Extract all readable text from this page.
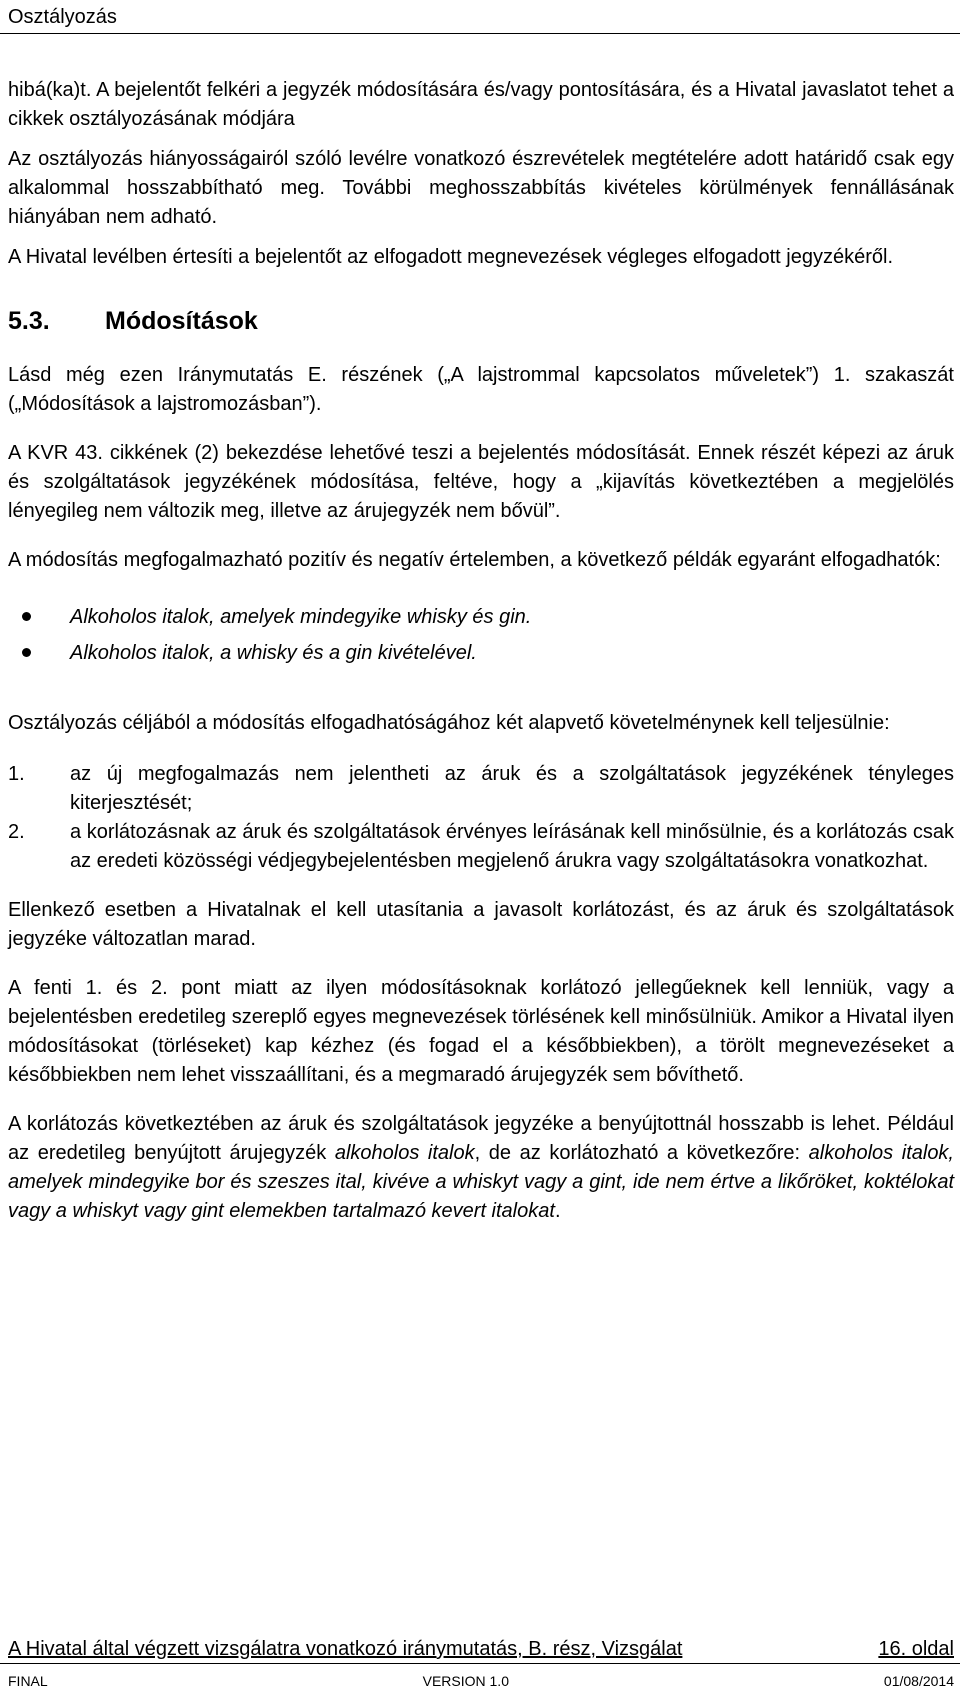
Osztályozás

hibá(ka)t. A bejelentőt felkéri a jegyzék módosítására és/vagy pontosítására, és a Hivatal javaslatot tehet a cikkek osztályozásának módjára

Az osztályozás hiányosságairól szóló levélre vonatkozó észrevételek megtételére adott határidő csak egy alkalommal hosszabbítható meg. További meghosszabbítás kivételes körülmények fennállásának hiányában nem adható.

A Hivatal levélben értesíti a bejelentőt az elfogadott megnevezések végleges elfogadott jegyzékéről.

5.3.	Módosítások

Lásd még ezen Iránymutatás E. részének („A lajstrommal kapcsolatos műveletek”) 1. szakaszát („Módosítások a lajstromozásban”).

A KVR 43. cikkének (2) bekezdése lehetővé teszi a bejelentés módosítását. Ennek részét képezi az áruk és szolgáltatások jegyzékének módosítása, feltéve, hogy a „kijavítás következtében a megjelölés lényegileg nem változik meg, illetve az árujegyzék nem bővül”.

A módosítás megfogalmazható pozitív és negatív értelemben, a következő példák egyaránt elfogadhatók:

Alkoholos italok, amelyek mindegyike whisky és gin.
Alkoholos italok, a whisky és a gin kivételével.

Osztályozás céljából a módosítás elfogadhatóságához két alapvető követelménynek kell teljesülnie:

1.	az új megfogalmazás nem jelentheti az áruk és a szolgáltatások jegyzékének tényleges kiterjesztését;
2.	a korlátozásnak az áruk és szolgáltatások érvényes leírásának kell minősülnie, és a korlátozás csak az eredeti közösségi védjegybejelentésben megjelenő árukra vagy szolgáltatásokra vonatkozhat.

Ellenkező esetben a Hivatalnak el kell utasítania a javasolt korlátozást, és az áruk és szolgáltatások jegyzéke változatlan marad.

A fenti 1. és 2. pont miatt az ilyen módosításoknak korlátozó jellegűeknek kell lenniük, vagy a bejelentésben eredetileg szereplő egyes megnevezések törlésének kell minősülniük. Amikor a Hivatal ilyen módosításokat (törléseket) kap kézhez (és fogad el a későbbiekben), a törölt megnevezéseket a későbbiekben nem lehet visszaállítani, és a megmaradó árujegyzék sem bővíthető.

A korlátozás következtében az áruk és szolgáltatások jegyzéke a benyújtottnál hosszabb is lehet. Például az eredetileg benyújtott árujegyzék alkoholos italok, de az korlátozható a következőre: alkoholos italok, amelyek mindegyike bor és szeszes ital, kivéve a whiskyt vagy a gint, ide nem értve a likőröket, koktélokat vagy a whiskyt vagy gint elemekben tartalmazó kevert italokat.

A Hivatal által végzett vizsgálatra vonatkozó iránymutatás, B. rész, Vizsgálat	16. oldal
FINAL	VERSION 1.0	01/08/2014
